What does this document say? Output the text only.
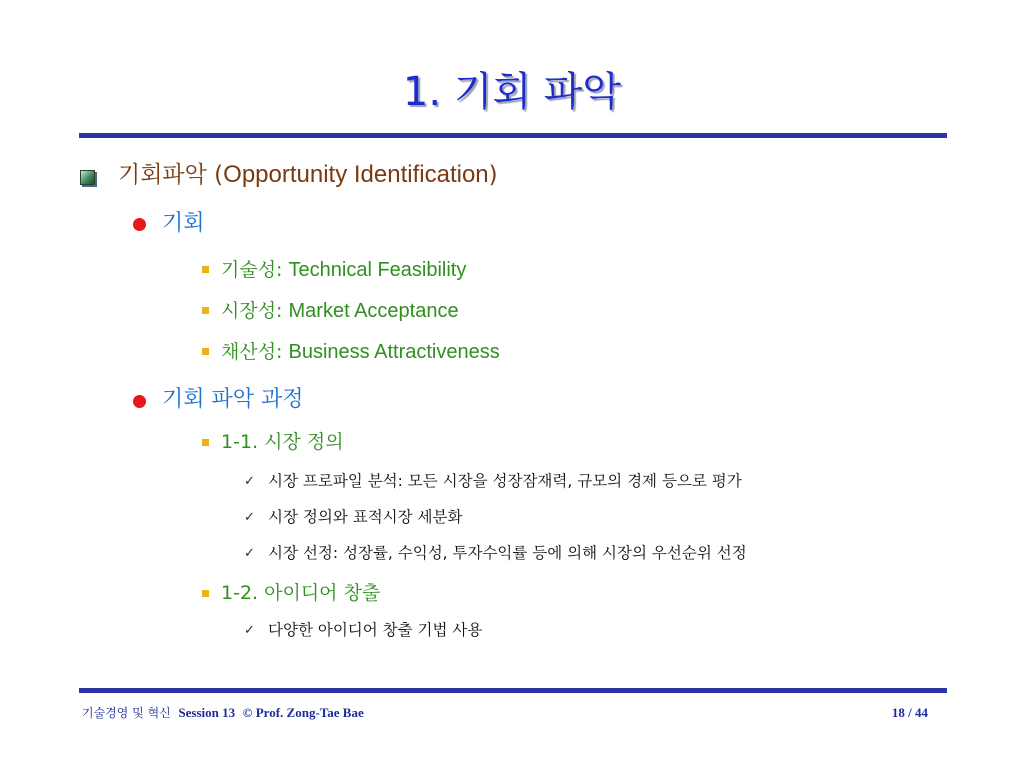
1. 기회 파악
기회파악 (Opportunity Identification)
기회
기술성: Technical Feasibility
시장성: Market Acceptance
채산성: Business Attractiveness
기회 파악 과정
1-1. 시장 정의
✓ 시장 프로파일 분석: 모든 시장을 성장잠재력, 규모의 경제 등으로 평가
✓ 시장 정의와 표적시장 세분화
✓ 시장 선정: 성장률, 수익성, 투자수익률 등에 의해 시장의 우선순위 선정
1-2. 아이디어 창출
✓ 다양한 아이디어 창출 기법 사용
기술경영 및 혁신 Session 13 © Prof. Zong-Tae Bae	18 / 44
